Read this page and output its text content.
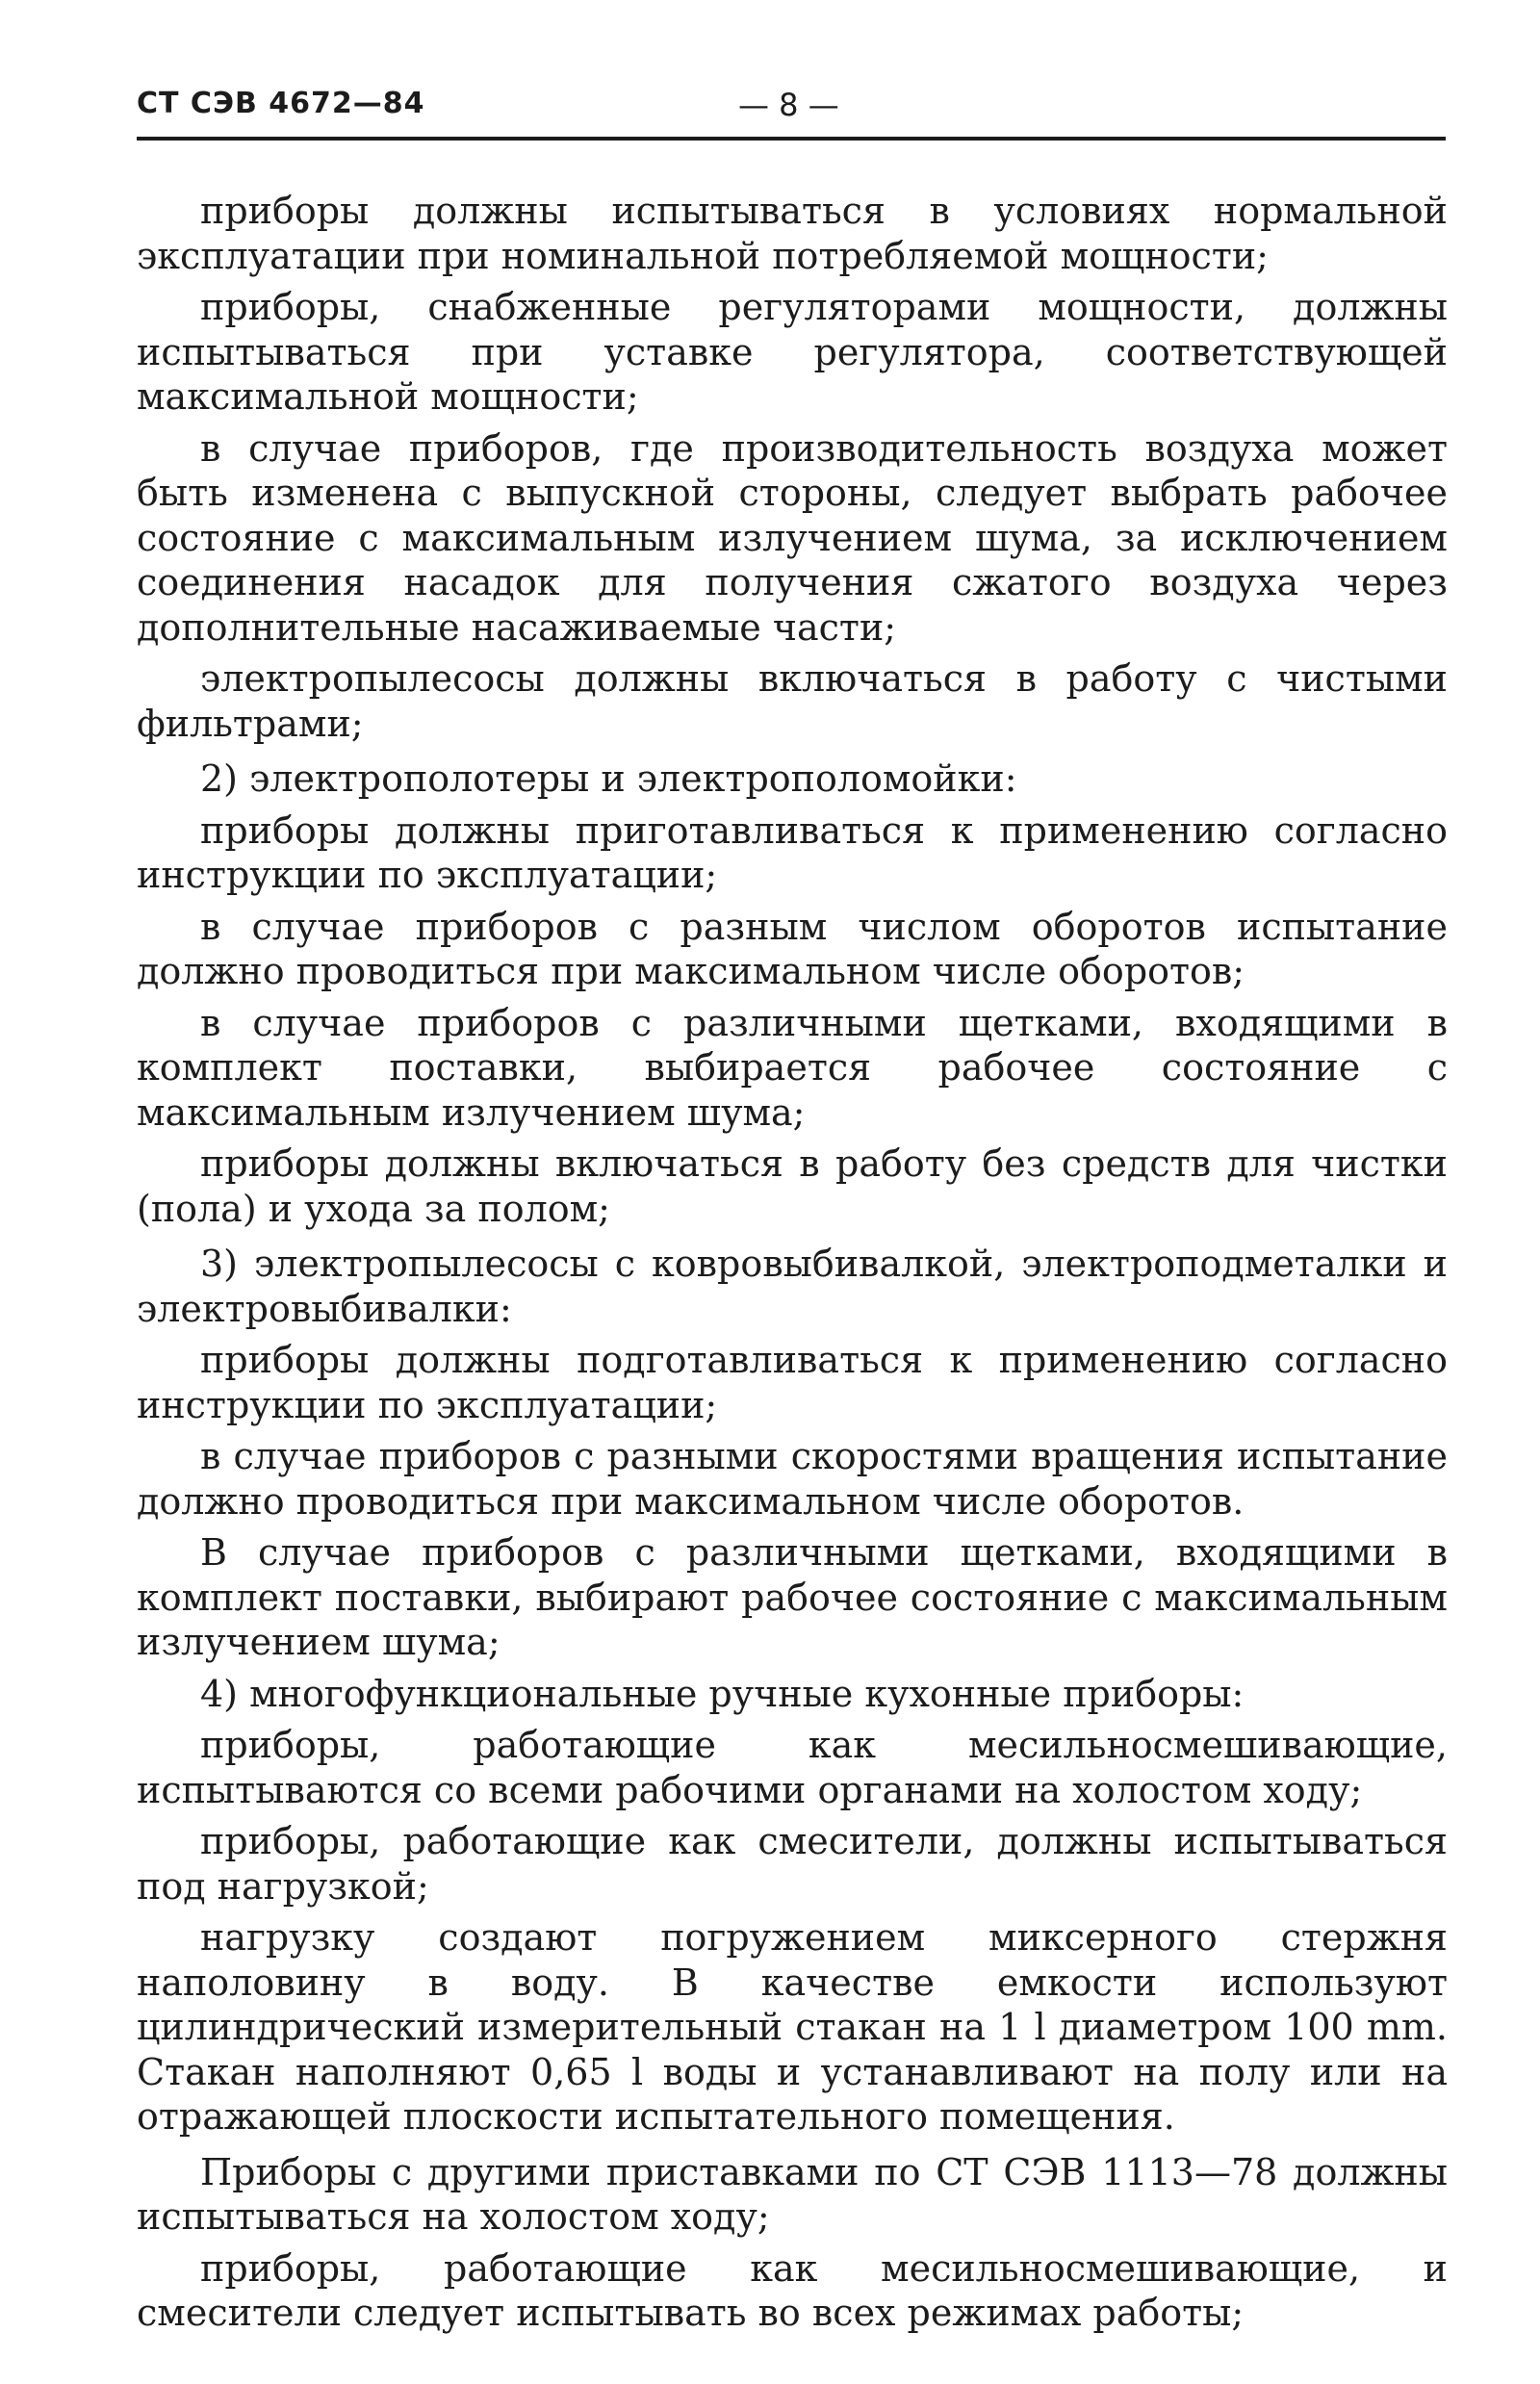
СТ СЭВ 4672—84	— 8 —

приборы должны испытываться в условиях нормальной эксплуатации при номинальной потребляемой мощности;

приборы, снабженные регуляторами мощности, должны испытываться при уставке регулятора, соответствующей максимальной мощности;

в случае приборов, где производительность воздуха может быть изменена с выпускной стороны, следует выбрать рабочее состояние с максимальным излучением шума, за исключением соединения насадок для получения сжатого воздуха через дополнительные насаживаемые части;

электропылесосы должны включаться в работу с чистыми фильтрами;

2) электрополотеры и электрополомойки:

приборы должны приготавливаться к применению согласно инструкции по эксплуатации;

в случае приборов с разным числом оборотов испытание должно проводиться при максимальном числе оборотов;

в случае приборов с различными щетками, входящими в комплект поставки, выбирается рабочее состояние с максимальным излучением шума;

приборы должны включаться в работу без средств для чистки (пола) и ухода за полом;

3) электропылесосы с ковровыбивалкой, электроподметалки и электровыбивалки:

приборы должны подготавливаться к применению согласно инструкции по эксплуатации;

в случае приборов с разными скоростями вращения испытание должно проводиться при максимальном числе оборотов.

В случае приборов с различными щетками, входящими в комплект поставки, выбирают рабочее состояние с максимальным излучением шума;

4) многофункциональные ручные кухонные приборы:

приборы, работающие как месильносмешивающие, испытываются со всеми рабочими органами на холостом ходу;

приборы, работающие как смесители, должны испытываться под нагрузкой;

нагрузку создают погружением миксерного стержня наполовину в воду. В качестве емкости используют цилиндрический измерительный стакан на 1 l диаметром 100 mm. Стакан наполняют 0,65 l воды и устанавливают на полу или на отражающей плоскости испытательного помещения.

Приборы с другими приставками по СТ СЭВ 1113—78 должны испытываться на холостом ходу;

приборы, работающие как месильносмешивающие, и смесители следует испытывать во всех режимах работы;
